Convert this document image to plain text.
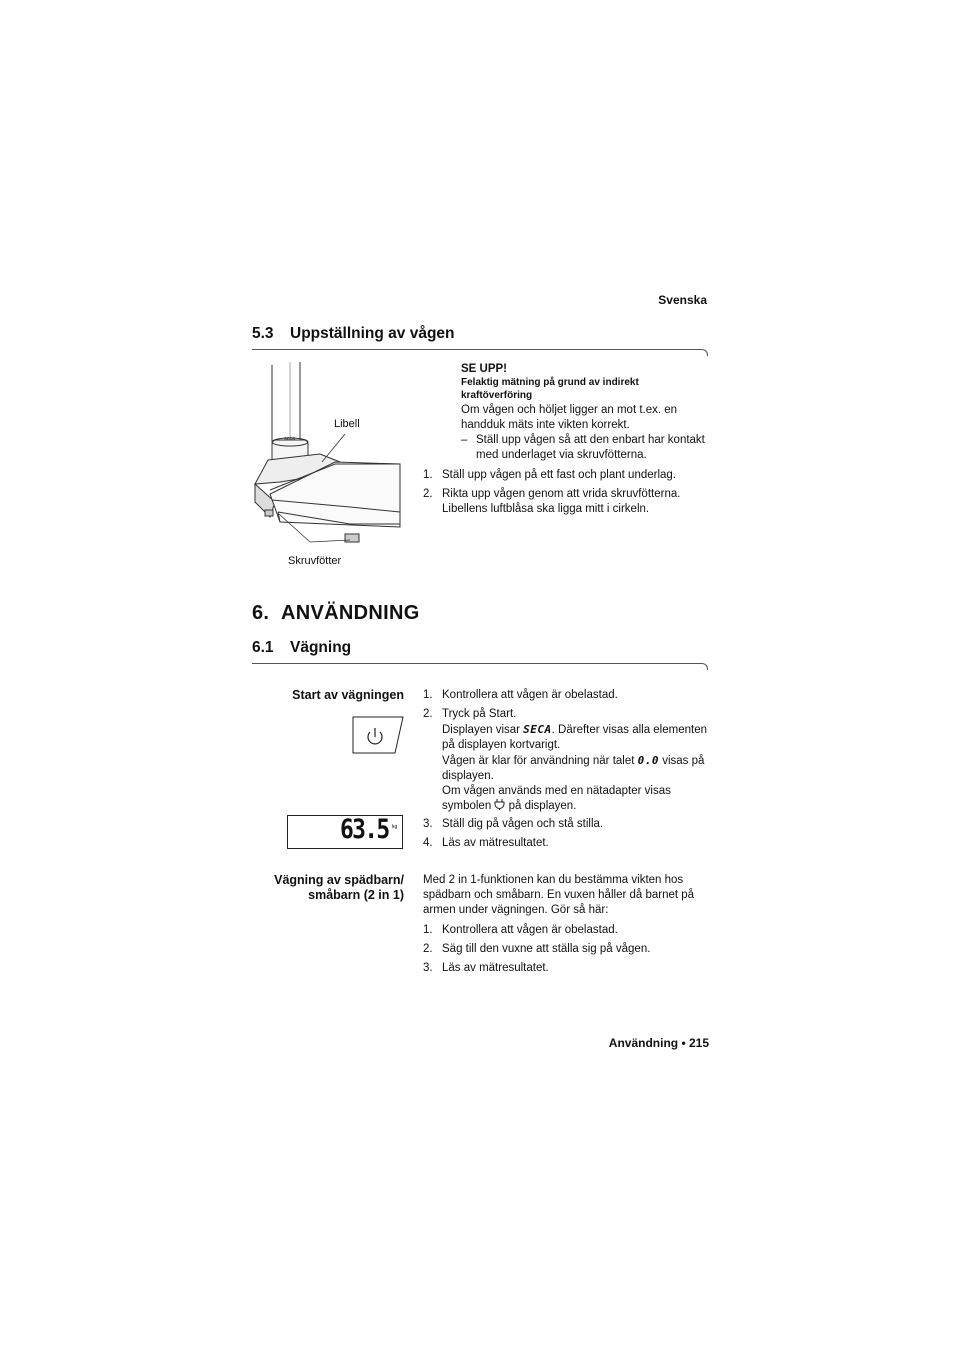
Svenska
5.3 Uppställning av vågen
seca
Libell
Skruvfötter
SE UPP!
Felaktig mätning på grund av indirekt
kraftöverföring
Om vågen och höljet ligger an mot t.ex. en
handduk mäts inte vikten korrekt.
– Ställ upp vågen så att den enbart har kontakt
med underlaget via skruvfötterna.
1. Ställ upp vågen på ett fast och plant underlag.
2. Rikta upp vågen genom att vrida skruvfötterna.
Libellens luftblåsa ska ligga mitt i cirkeln.
6. ANVÄNDNING
6.1 Vägning
Start av vägningen
63.5 kg
1. Kontrollera att vågen är obelastad.
2. Tryck på Start.
Displayen visar SECA. Därefter visas alla elementen
på displayen kortvarigt.
Vågen är klar för användning när talet 0.0 visas på
displayen.
Om vågen används med en nätadapter visas
symbolen  på displayen.
3. Ställ dig på vågen och stå stilla.
4. Läs av mätresultatet.
Vägning av spädbarn/
småbarn (2 in 1)
Med 2 in 1-funktionen kan du bestämma vikten hos
spädbarn och småbarn. En vuxen håller då barnet på
armen under vägningen. Gör så här:
1. Kontrollera att vågen är obelastad.
2. Säg till den vuxne att ställa sig på vågen.
3. Läs av mätresultatet.
Användning • 215
